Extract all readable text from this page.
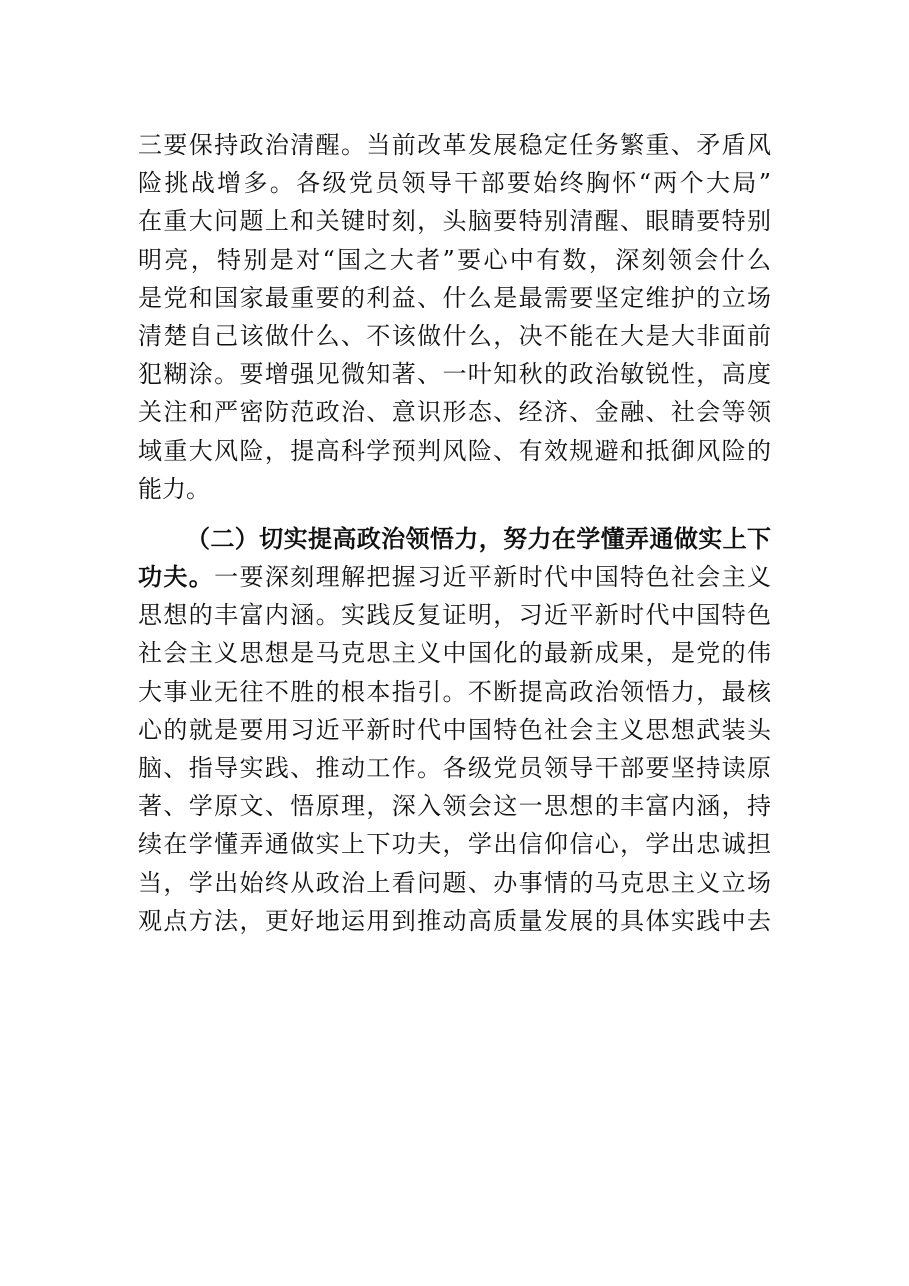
三要保持政治清醒。当前改革发展稳定任务繁重、矛盾风
险挑战增多。各级党员领导干部要始终胸怀“两个大局”
在重大问题上和关键时刻，头脑要特别清醒、眼睛要特别
明亮，特别是对“国之大者”要心中有数，深刻领会什么
是党和国家最重要的利益、什么是最需要坚定维护的立场
清楚自己该做什么、不该做什么，决不能在大是大非面前
犯糊涂。要增强见微知著、一叶知秋的政治敏锐性，高度
关注和严密防范政治、意识形态、经济、金融、社会等领
域重大风险，提高科学预判风险、有效规避和抵御风险的
能力。
（二）切实提高政治领悟力，努力在学懂弄通做实上下
功夫。一要深刻理解把握习近平新时代中国特色社会主义
思想的丰富内涵。实践反复证明，习近平新时代中国特色
社会主义思想是马克思主义中国化的最新成果，是党的伟
大事业无往不胜的根本指引。不断提高政治领悟力，最核
心的就是要用习近平新时代中国特色社会主义思想武装头
脑、指导实践、推动工作。各级党员领导干部要坚持读原
著、学原文、悟原理，深入领会这一思想的丰富内涵，持
续在学懂弄通做实上下功夫，学出信仰信心，学出忠诚担
当，学出始终从政治上看问题、办事情的马克思主义立场
观点方法，更好地运用到推动高质量发展的具体实践中去
